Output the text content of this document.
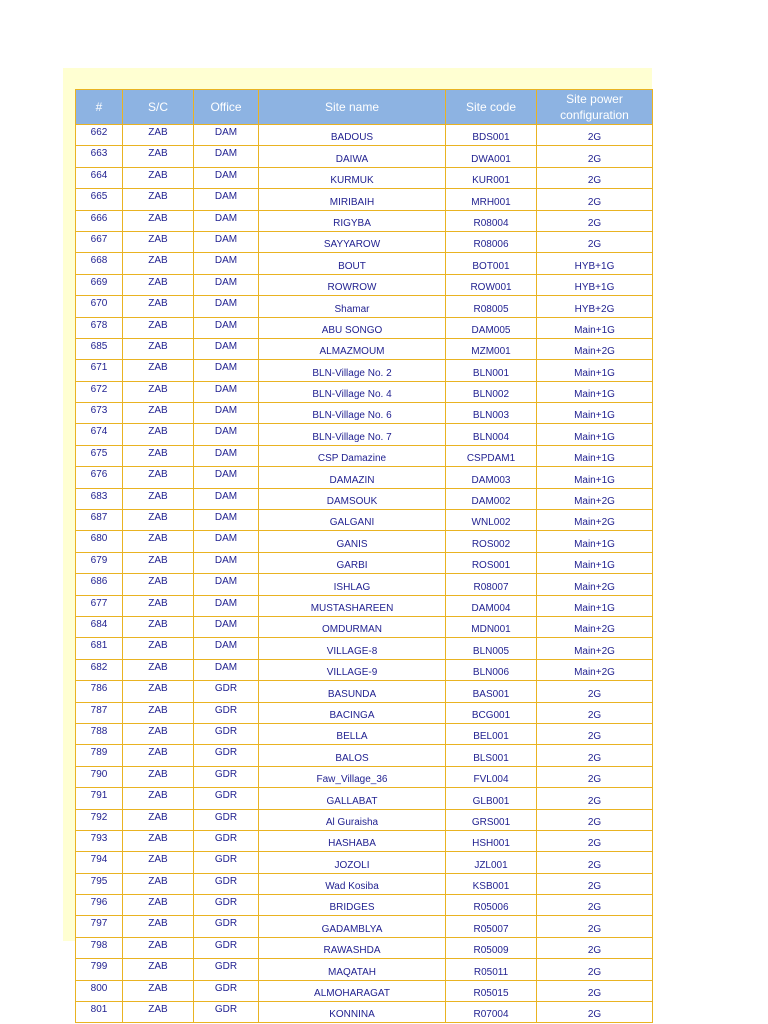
#	S/C	Office	Site name	Site code	Site power configuration
662	ZAB	DAM	BADOUS	BDS001	2G
663	ZAB	DAM	DAIWA	DWA001	2G
664	ZAB	DAM	KURMUK	KUR001	2G
665	ZAB	DAM	MIRIBAIH	MRH001	2G
666	ZAB	DAM	RIGYBA	R08004	2G
667	ZAB	DAM	SAYYAROW	R08006	2G
668	ZAB	DAM	BOUT	BOT001	HYB+1G
669	ZAB	DAM	ROWROW	ROW001	HYB+1G
670	ZAB	DAM	Shamar	R08005	HYB+2G
678	ZAB	DAM	ABU SONGO	DAM005	Main+1G
685	ZAB	DAM	ALMAZMOUM	MZM001	Main+2G
671	ZAB	DAM	BLN-Village No. 2	BLN001	Main+1G
672	ZAB	DAM	BLN-Village No. 4	BLN002	Main+1G
673	ZAB	DAM	BLN-Village No. 6	BLN003	Main+1G
674	ZAB	DAM	BLN-Village No. 7	BLN004	Main+1G
675	ZAB	DAM	CSP Damazine	CSPDAM1	Main+1G
676	ZAB	DAM	DAMAZIN	DAM003	Main+1G
683	ZAB	DAM	DAMSOUK	DAM002	Main+2G
687	ZAB	DAM	GALGANI	WNL002	Main+2G
680	ZAB	DAM	GANIS	ROS002	Main+1G
679	ZAB	DAM	GARBI	ROS001	Main+1G
686	ZAB	DAM	ISHLAG	R08007	Main+2G
677	ZAB	DAM	MUSTASHAREEN	DAM004	Main+1G
684	ZAB	DAM	OMDURMAN	MDN001	Main+2G
681	ZAB	DAM	VILLAGE-8	BLN005	Main+2G
682	ZAB	DAM	VILLAGE-9	BLN006	Main+2G
786	ZAB	GDR	BASUNDA	BAS001	2G
787	ZAB	GDR	BACINGA	BCG001	2G
788	ZAB	GDR	BELLA	BEL001	2G
789	ZAB	GDR	BALOS	BLS001	2G
790	ZAB	GDR	Faw_Village_36	FVL004	2G
791	ZAB	GDR	GALLABAT	GLB001	2G
792	ZAB	GDR	Al Guraisha	GRS001	2G
793	ZAB	GDR	HASHABA	HSH001	2G
794	ZAB	GDR	JOZOLI	JZL001	2G
795	ZAB	GDR	Wad Kosiba	KSB001	2G
796	ZAB	GDR	BRIDGES	R05006	2G
797	ZAB	GDR	GADAMBLYA	R05007	2G
798	ZAB	GDR	RAWASHDA	R05009	2G
799	ZAB	GDR	MAQATAH	R05011	2G
800	ZAB	GDR	ALMOHARAGAT	R05015	2G
801	ZAB	GDR	KONNINA	R07004	2G
